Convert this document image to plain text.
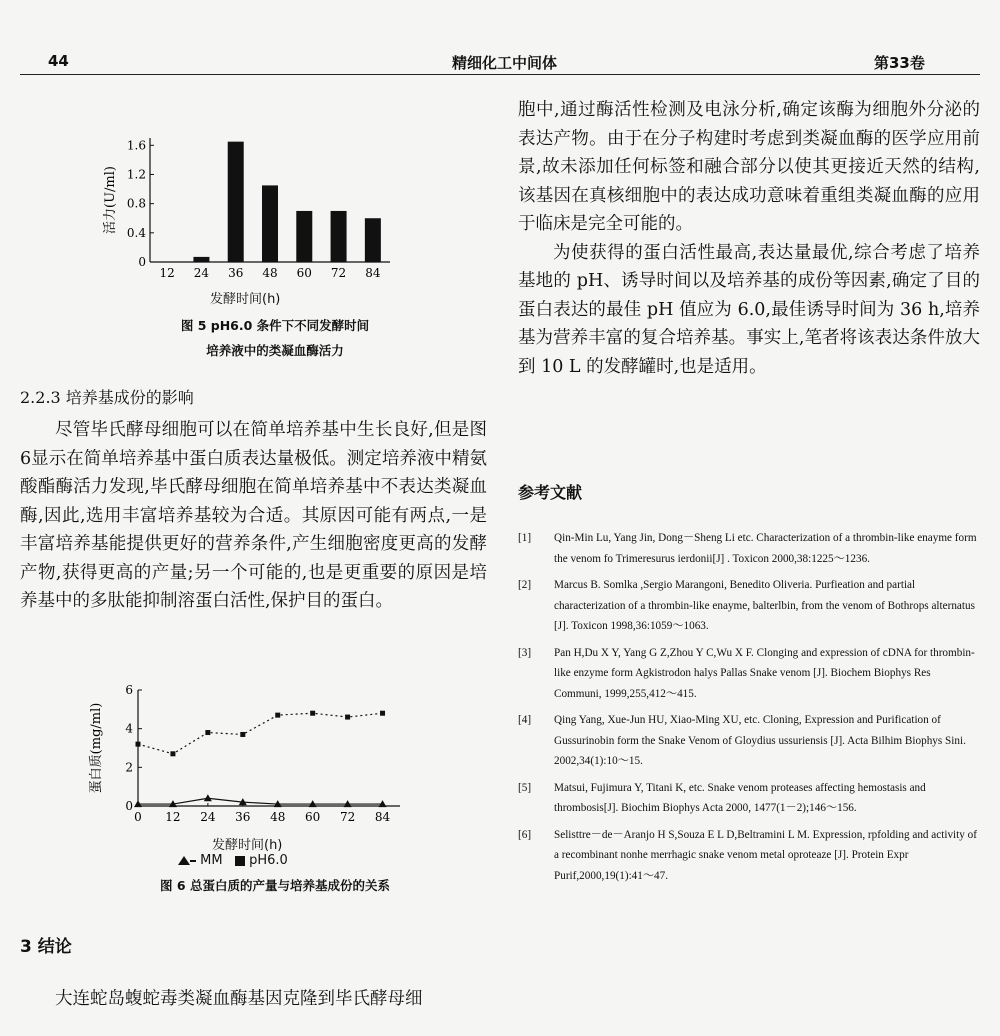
44	精细化工中间体	第33卷
0
0.4
0.8
1.2
1.6
12 24 36 48 60 72 84
活力(U/ml)
发酵时间(h)
图 5 pH6.0 条件下不同发酵时间
培养液中的类凝血酶活力
2.2.3 培养基成份的影响
尽管毕氏酵母细胞可以在简单培养基中生长良好,但是图6显示在简单培养基中蛋白质表达量极低。测定培养液中精氨酸酯酶活力发现,毕氏酵母细胞在简单培养基中不表达类凝血酶,因此,选用丰富培养基较为合适。其原因可能有两点,一是丰富培养基能提供更好的营养条件,产生细胞密度更高的发酵产物,获得更高的产量;另一个可能的,也是更重要的原因是培养基中的多肽能抑制溶蛋白活性,保护目的蛋白。
0
2
4
6
0 12 24 36 48 60 72 84
蛋白质(mg/ml)
发酵时间(h)
MM pH6.0
图 6 总蛋白质的产量与培养基成份的关系
3 结论
大连蛇岛蝮蛇毒类凝血酶基因克隆到毕氏酵母细

胞中,通过酶活性检测及电泳分析,确定该酶为细胞外分泌的表达产物。由于在分子构建时考虑到类凝血酶的医学应用前景,故未添加任何标签和融合部分以使其更接近天然的结构,该基因在真核细胞中的表达成功意味着重组类凝血酶的应用于临床是完全可能的。

为使获得的蛋白活性最高,表达量最优,综合考虑了培养基地的 pH、诱导时间以及培养基的成份等因素,确定了目的蛋白表达的最佳 pH 值应为 6.0,最佳诱导时间为 36 h,培养基为营养丰富的复合培养基。事实上,笔者将该表达条件放大到 10 L 的发酵罐时,也是适用。

参考文献
[1] Qin-Min Lu, Yang Jin, Dong－Sheng Li etc. Characterization of a thrombin-like enayme form the venom fo Trimeresurus ierdonii[J] . Toxicon 2000,38:1225～1236.
[2] Marcus B. Somlka ,Sergio Marangoni, Benedito Oliveria. Purfieation and partial characterization of a thrombin-like enayme, balterlbin, from the venom of Bothrops alternatus [J]. Toxicon 1998,36:1059～1063.
[3] Pan H,Du X Y, Yang G Z,Zhou Y C,Wu X F. Clonging and expression of cDNA for thrombin-like enzyme form Agkistrodon halys Pallas Snake venom [J]. Biochem Biophys Res Communi, 1999,255,412～415.
[4] Qing Yang, Xue-Jun HU, Xiao-Ming XU, etc. Cloning, Expression and Purification of Gussurinobin form the Snake Venom of Gloydius ussuriensis [J]. Acta Bilhim Biophys Sini. 2002,34(1):10～15.
[5] Matsui, Fujimura Y, Titani K, etc. Snake venom proteases affecting hemostasis and thrombosis[J]. Biochim Biophys Acta 2000, 1477(1－2);146～156.
[6] Selisttre－de－Aranjo H S,Souza E L D,Beltramini L M. Expression, rpfolding and activity of a recombinant nonhe merrhagic snake venom metal oproteaze [J]. Protein Expr Purif,2000,19(1):41～47.
